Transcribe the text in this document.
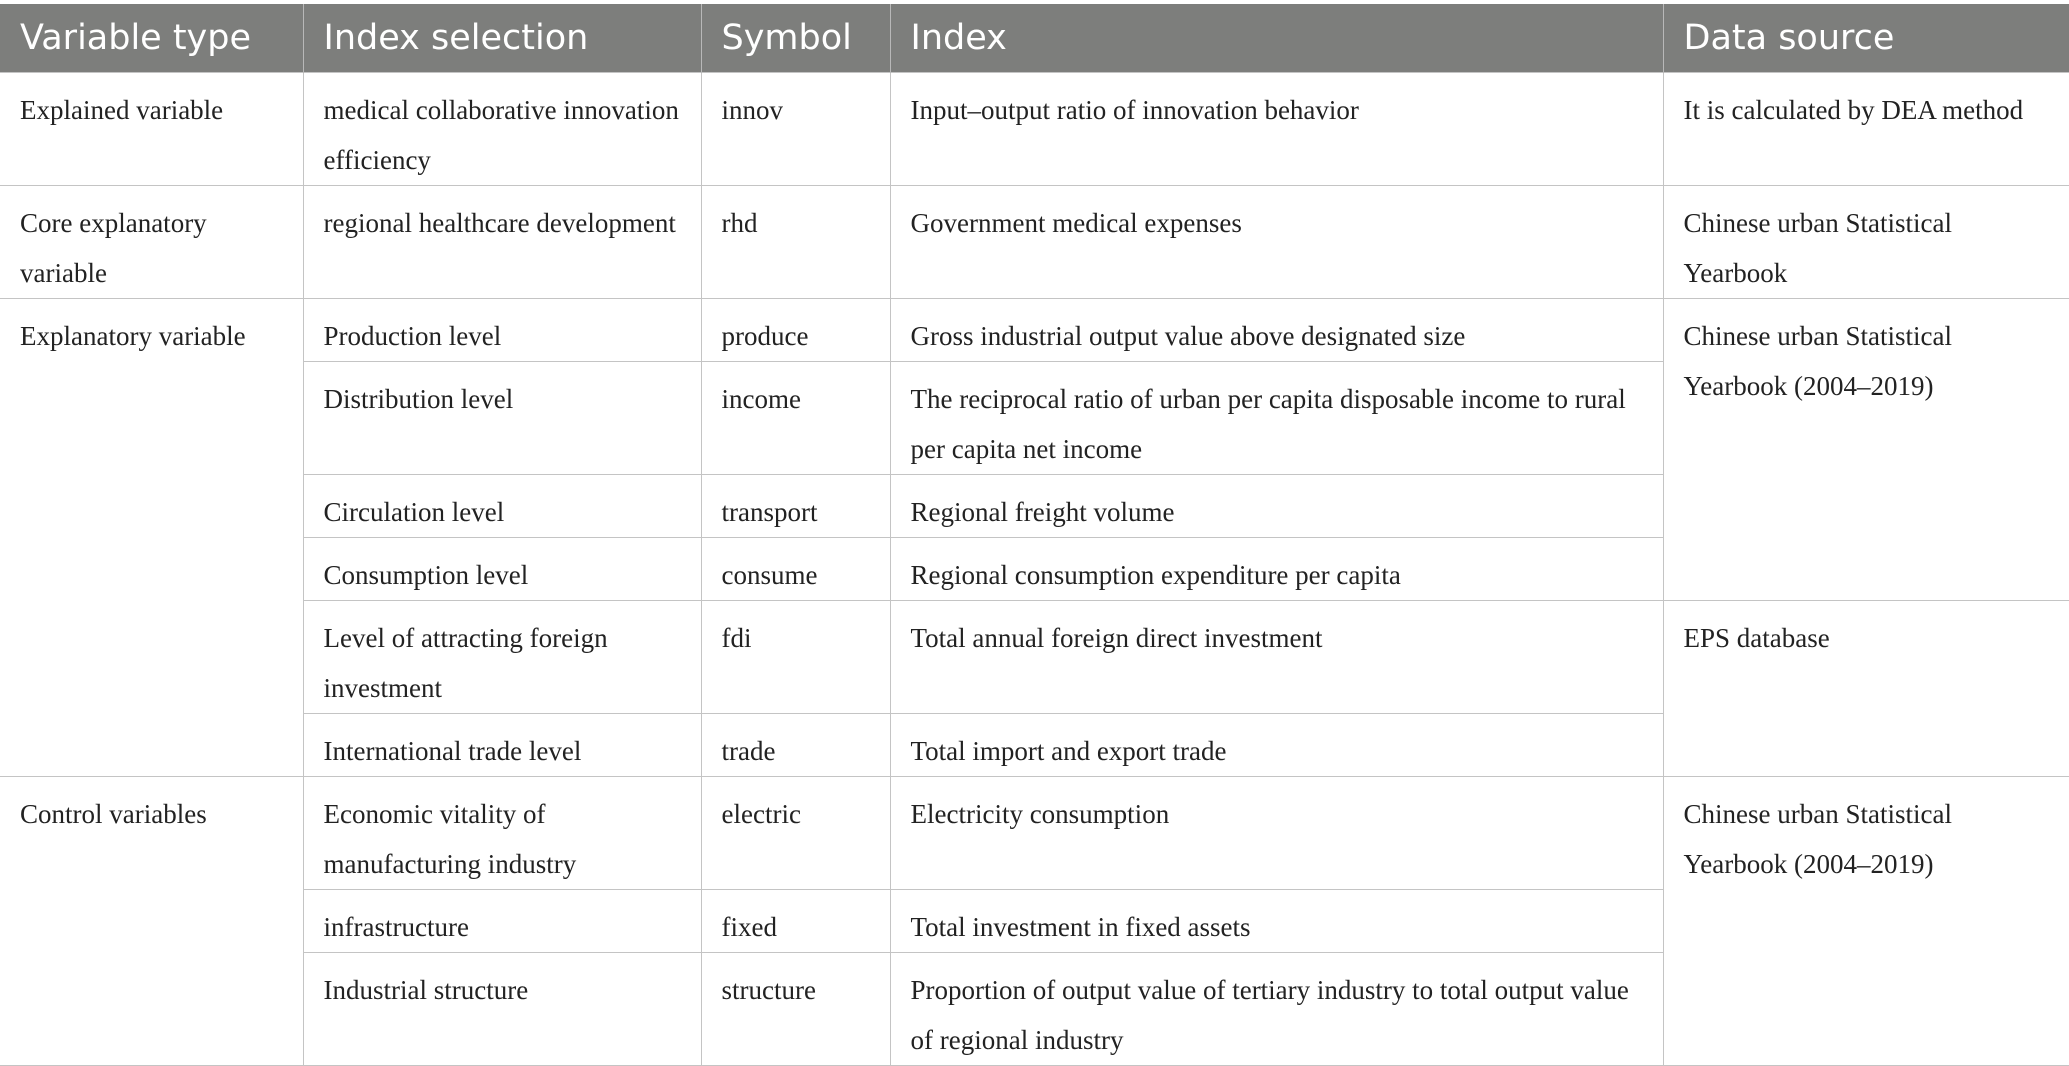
Variable type	Index selection	Symbol	Index	Data source
Explained variable	medical collaborative innovation efficiency	innov	Input–output ratio of innovation behavior	It is calculated by DEA method
Core explanatory variable	regional healthcare development	rhd	Government medical expenses	Chinese urban Statistical Yearbook
Explanatory variable	Production level	produce	Gross industrial output value above designated size	Chinese urban Statistical Yearbook (2004–2019)
	Distribution level	income	The reciprocal ratio of urban per capita disposable income to rural per capita net income	
	Circulation level	transport	Regional freight volume	
	Consumption level	consume	Regional consumption expenditure per capita	
	Level of attracting foreign investment	fdi	Total annual foreign direct investment	EPS database
	International trade level	trade	Total import and export trade	
Control variables	Economic vitality of manufacturing industry	electric	Electricity consumption	Chinese urban Statistical Yearbook (2004–2019)
	infrastructure	fixed	Total investment in fixed assets	
	Industrial structure	structure	Proportion of output value of tertiary industry to total output value of regional industry	
